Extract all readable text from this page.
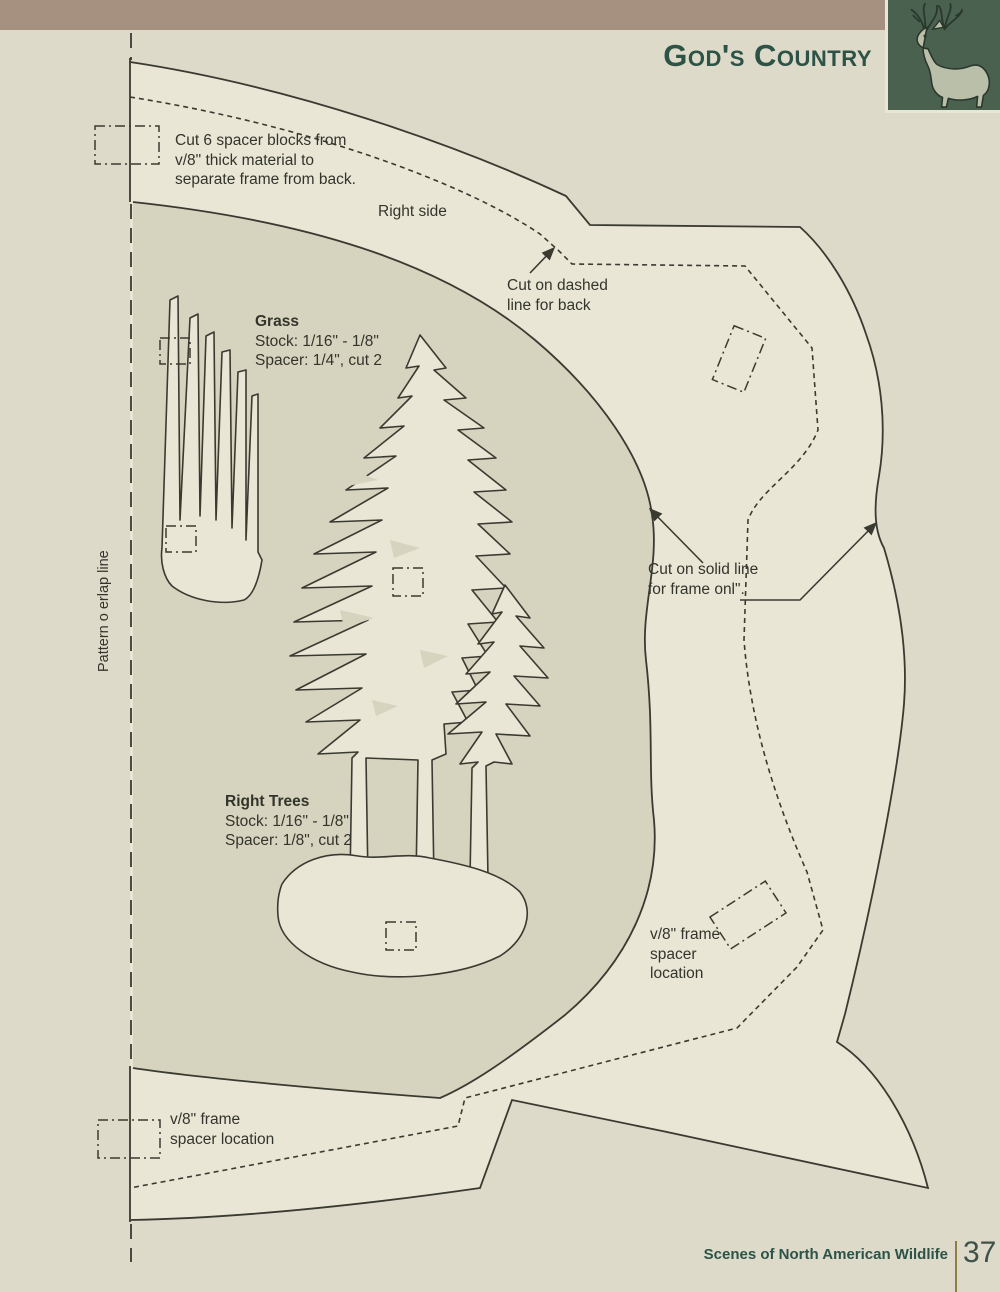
God's Country
Cut 6 spacer blocks from
v/8" thick material to
separate frame from back.
Right side
Cut on dashed
line for back
Grass
Stock: 1/16" - 1/8"
Spacer: 1/4", cut 2
Right Trees
Stock: 1/16" - 1/8"
Spacer: 1/8", cut 2
Cut on solid line
for frame onl".
v/8" frame
spacer
location
v/8" frame
spacer location
Pattern o erlap line
Scenes of North American Wildlife 37
